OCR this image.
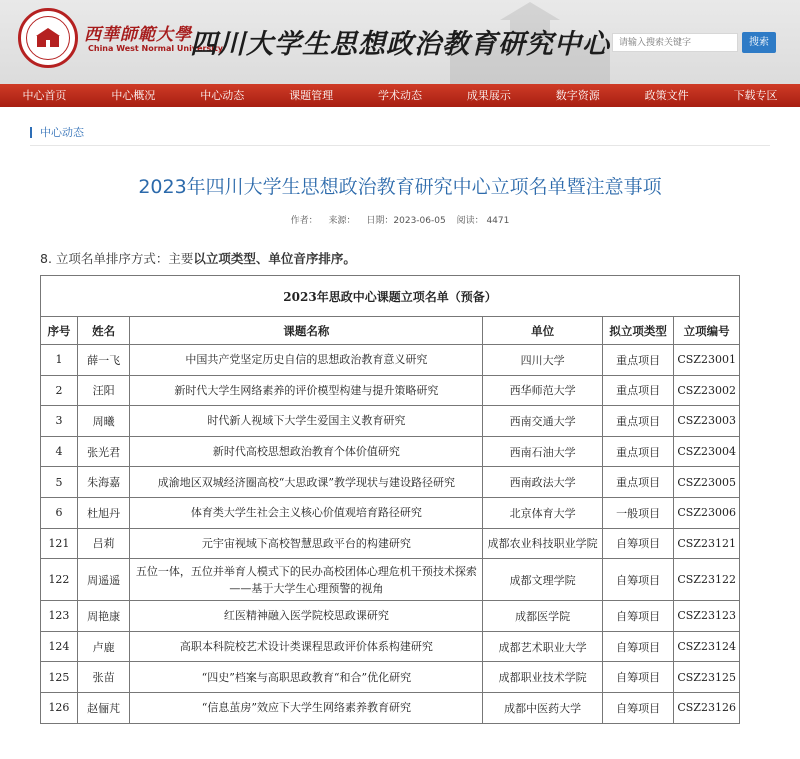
西華師範大學
China West Normal University
四川大学生思想政治教育研究中心
请输入搜索关键字	搜索
中心首页	中心概况	中心动态	课题管理	学术动态	成果展示	数字资源	政策文件	下载专区
中心动态
2023年四川大学生思想政治教育研究中心立项名单暨注意事项
作者： 来源： 日期：2023-06-05 阅读： 4471
8. 立项名单排序方式：主要以立项类型、单位音序排序。
2023年思政中心课题立项名单（预备）					
序号	姓名	课题名称	单位	拟立项类型	立项编号
1	薛一飞	中国共产党坚定历史自信的思想政治教育意义研究	四川大学	重点项目	CSZ23001
2	汪阳	新时代大学生网络素养的评价模型构建与提升策略研究	西华师范大学	重点项目	CSZ23002
3	周曦	时代新人视域下大学生爱国主义教育研究	西南交通大学	重点项目	CSZ23003
4	张光君	新时代高校思想政治教育个体价值研究	西南石油大学	重点项目	CSZ23004
5	朱海嘉	成渝地区双城经济圈高校“大思政课”教学现状与建设路径研究	西南政法大学	重点项目	CSZ23005
6	杜旭丹	体育类大学生社会主义核心价值观培育路径研究	北京体育大学	一般项目	CSZ23006
121	吕莉	元宇宙视域下高校智慧思政平台的构建研究	成都农业科技职业学院	自筹项目	CSZ23121
122	周遥遥	五位一体，五位并举育人模式下的民办高校团体心理危机干预技术探索——基于大学生心理预警的视角	成都文理学院	自筹项目	CSZ23122
123	周艳康	红医精神融入医学院校思政课研究	成都医学院	自筹项目	CSZ23123
124	卢鹿	高职本科院校艺术设计类课程思政评价体系构建研究	成都艺术职业大学	自筹项目	CSZ23124
125	张苗	“四史”档案与高职思政教育“和合”优化研究	成都职业技术学院	自筹项目	CSZ23125
126	赵俪芃	“信息茧房”效应下大学生网络素养教育研究	成都中医药大学	自筹项目	CSZ23126
